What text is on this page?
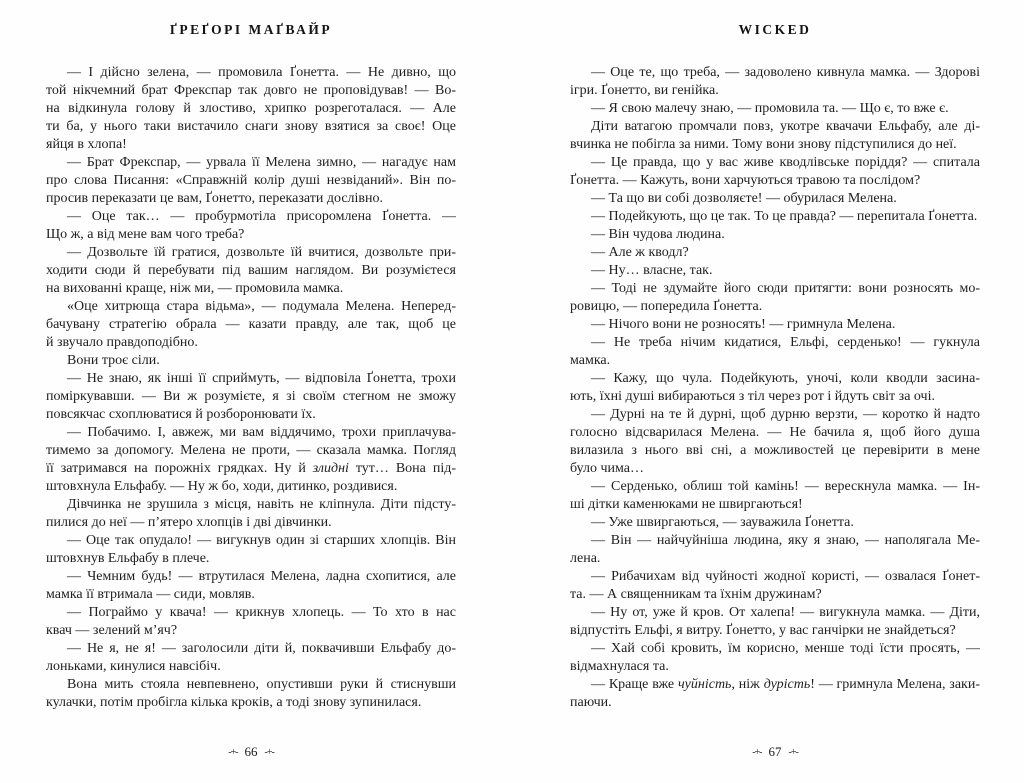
ҐРЕҐОРІ МАҐВАЙР
— І дійсно зелена, — промовила Ґонетта. — Не дивно, що
той нікчемний брат Фрекспар так довго не проповідував! — Во-
на відкинула голову й злостиво, хрипко розреготалася. — Але
ти ба, у нього таки вистачило снаги знову взятися за своє! Оце
яйця в хлопа!
— Брат Фрекспар, — урвала її Мелена зимно, — нагадує нам
про слова Писання: «Справжній колір душі незвіданий». Він по-
просив переказати це вам, Ґонетто, переказати дослівно.
— Оце так… — пробурмотіла присоромлена Ґонетта. —
Що ж, а від мене вам чого треба?
— Дозвольте їй гратися, дозвольте їй вчитися, дозвольте при-
ходити сюди й перебувати під вашим наглядом. Ви розумієтеся
на вихованні краще, ніж ми, — промовила мамка.
«Оце хитрюща стара відьма», — подумала Мелена. Неперед-
бачувану стратегію обрала — казати правду, але так, щоб це
й звучало правдоподібно.
Вони троє сіли.
— Не знаю, як інші її сприймуть, — відповіла Ґонетта, трохи
поміркувавши. — Ви ж розумієте, я зі своїм стегном не зможу
повсякчас схоплюватися й розборонювати їх.
— Побачимо. І, авжеж, ми вам віддячимо, трохи приплачува-
тимемо за допомогу. Мелена не проти, — сказала мамка. Погляд
її затримався на порожніх грядках. Ну й злидні тут… Вона під-
штовхнула Ельфабу. — Ну ж бо, ходи, дитинко, роздивися.
Дівчинка не зрушила з місця, навіть не кліпнула. Діти підсту-
пилися до неї — п’ятеро хлопців і дві дівчинки.
— Оце так опудало! — вигукнув один зі старших хлопців. Він
штовхнув Ельфабу в плече.
— Чемним будь! — втрутилася Мелена, ладна схопитися, але
мамка її втримала — сиди, мовляв.
— Пограймо у квача! — крикнув хлопець. — То хто в нас
квач — зелений м’яч?
— Не я, не я! — заголосили діти й, поквачивши Ельфабу до-
лоньками, кинулися навсібіч.
Вона мить стояла невпевнено, опустивши руки й стиснувши
кулачки, потім пробігла кілька кроків, а тоді знову зупинилася.
-+- 66 -+-
WICKED
— Оце те, що треба, — задоволено кивнула мамка. — Здорові
ігри. Ґонетто, ви генійка.
— Я свою малечу знаю, — промовила та. — Що є, то вже є.
Діти ватагою промчали повз, укотре квачачи Ельфабу, але ді-
вчинка не побігла за ними. Тому вони знову підступилися до неї.
— Це правда, що у вас живе кводлівське поріддя? — спитала
Ґонетта. — Кажуть, вони харчуються травою та послідом?
— Та що ви собі дозволяєте! — обурилася Мелена.
— Подейкують, що це так. То це правда? — перепитала Ґонетта.
— Він чудова людина.
— Але ж кводл?
— Ну… власне, так.
— Тоді не здумайте його сюди притягти: вони розносять мо-
ровицю, — попередила Ґонетта.
— Нічого вони не розносять! — гримнула Мелена.
— Не треба нічим кидатися, Ельфі, серденько! — гукнула
мамка.
— Кажу, що чула. Подейкують, уночі, коли кводли засина-
ють, їхні душі вибираються з тіл через рот і йдуть світ за очі.
— Дурні на те й дурні, щоб дурню верзти, — коротко й надто
голосно відсварилася Мелена. — Не бачила я, щоб його душа
вилазила з нього вві сні, а можливостей це перевірити в мене
було чима…
— Серденько, облиш той камінь! — верескнула мамка. — Ін-
ші дітки каменюками не швиргаються!
— Уже швиргаються, — зауважила Ґонетта.
— Він — найчуйніша людина, яку я знаю, — наполягала Ме-
лена.
— Рибачихам від чуйності жодної користі, — озвалася Ґонет-
та. — А священникам та їхнім дружинам?
— Ну от, уже й кров. От халепа! — вигукнула мамка. — Діти,
відпустіть Ельфі, я витру. Ґонетто, у вас ганчірки не знайдеться?
— Хай собі кровить, їм корисно, менше тоді їсти просять, —
відмахнулася та.
— Краще вже чуйність, ніж дурість! — гримнула Мелена, заки-
паючи.
-+- 67 -+-
